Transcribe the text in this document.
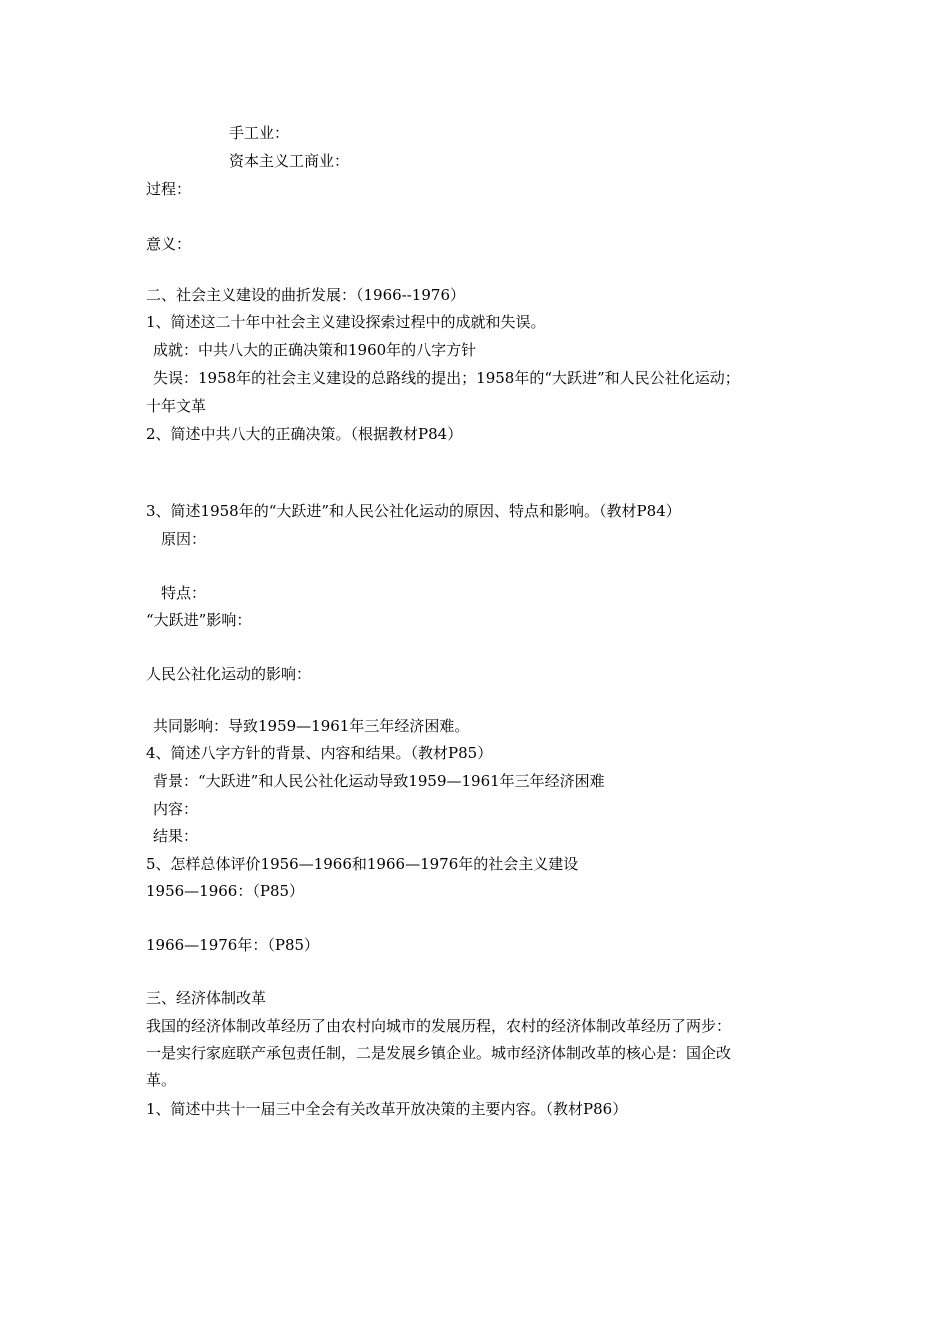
手工业：
资本主义工商业：
过程：
意义：
二、社会主义建设的曲折发展：（1966--1976）
1、简述这二十年中社会主义建设探索过程中的成就和失误。
成就：中共八大的正确决策和1960年的八字方针
失误：1958年的社会主义建设的总路线的提出；1958年的“大跃进”和人民公社化运动；
十年文革
2、简述中共八大的正确决策。（根据教材P84）
3、简述1958年的“大跃进”和人民公社化运动的原因、特点和影响。（教材P84）
原因：
特点：
“大跃进”影响：
人民公社化运动的影响：
共同影响：导致1959—1961年三年经济困难。
4、简述八字方针的背景、内容和结果。（教材P85）
背景：“大跃进”和人民公社化运动导致1959—1961年三年经济困难
内容：
结果：
5、怎样总体评价1956—1966和1966—1976年的社会主义建设
1956—1966：（P85）
1966—1976年：（P85）
三、经济体制改革
我国的经济体制改革经历了由农村向城市的发展历程，农村的经济体制改革经历了两步：
一是实行家庭联产承包责任制，二是发展乡镇企业。城市经济体制改革的核心是：国企改
革。
1、简述中共十一届三中全会有关改革开放决策的主要内容。（教材P86）
